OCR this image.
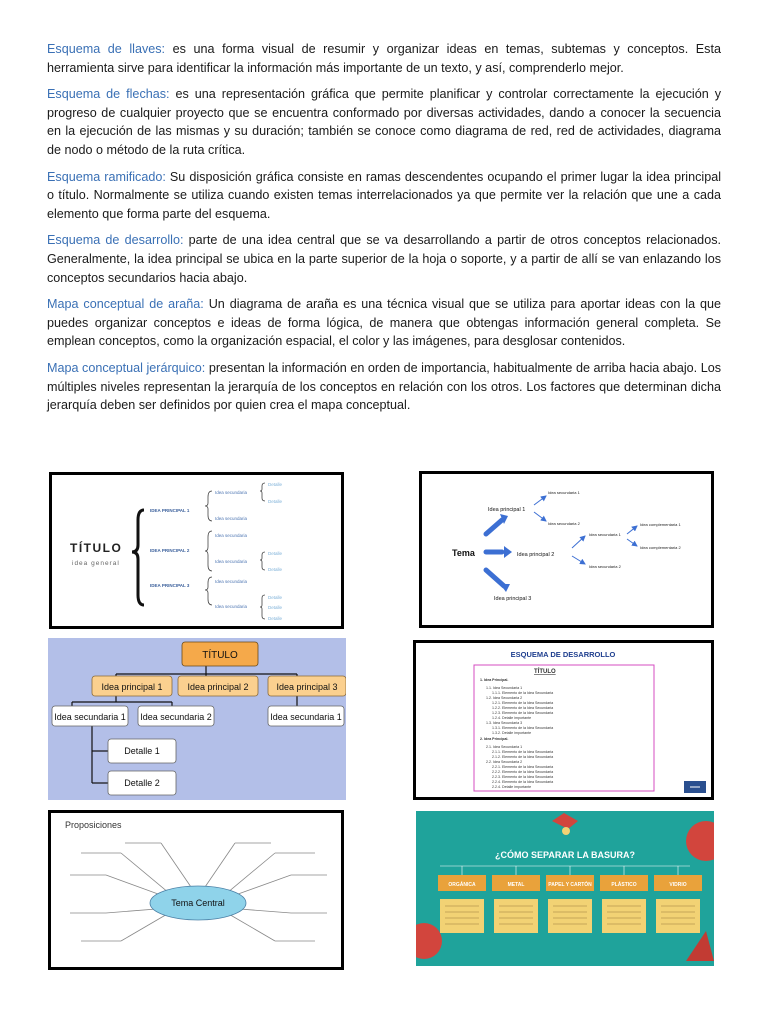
Esquema de llaves: es una forma visual de resumir y organizar ideas en temas, subtemas y conceptos. Esta herramienta sirve para identificar la información más importante de un texto, y así, comprenderlo mejor.

Esquema de flechas: es una representación gráfica que permite planificar y controlar correctamente la ejecución y progreso de cualquier proyecto que se encuentra conformado por diversas actividades, dando a conocer la secuencia en la ejecución de las mismas y su duración; también se conoce como diagrama de red, red de actividades, diagrama de nodo o método de la ruta crítica.

Esquema ramificado: Su disposición gráfica consiste en ramas descendentes ocupando el primer lugar la idea principal o título. Normalmente se utiliza cuando existen temas interrelacionados ya que permite ver la relación que une a cada elemento que forma parte del esquema.

Esquema de desarrollo: parte de una idea central que se va desarrollando a partir de otros conceptos relacionados. Generalmente, la idea principal se ubica en la parte superior de la hoja o soporte, y a partir de allí se van enlazando los conceptos secundarios hacia abajo.

Mapa conceptual de araña: Un diagrama de araña es una técnica visual que se utiliza para aportar ideas con la que puedes organizar conceptos e ideas de forma lógica, de manera que obtengas información general completa. Se emplean conceptos, como la organización espacial, el color y las imágenes, para desglosar contenidos.

Mapa conceptual jerárquico: presentan la información en orden de importancia, habitualmente de arriba hacia abajo. Los múltiples niveles representan la jerarquía de los conceptos en relación con los otros. Los factores que determinan dicha jerarquía deben ser definidos por quien crea el mapa conceptual.

TÍTULO
idea general
IDEA PRINCIPAL 1
IDEA PRINCIPAL 2
IDEA PRINCIPAL 3
Idea secundaria
Idea secundaria
Idea secundaria
Idea secundaria
Idea secundaria
Idea secundaria
Detalle
Detalle
Detalle
Detalle
Detalle
Detalle
Detalle
Tema
Idea principal 1
Idea principal 2
Idea principal 3
Idea secundaria 1
Idea secundaria 2
Idea secundaria 1
Idea secundaria 2
Idea complementaria 1
Idea complementaria 2
TÍTULO
Idea principal 1	Idea principal 2	Idea principal 3
Idea secundaria 1 Idea secundaria 2	Idea secundaria 1
Detalle 1
Detalle 2
ESQUEMA DE DESARROLLO
TÍTULO
1. Idea Principal.
1.1. Idea Secundaria 1
1.1.1. Elemento de la Idea Secundaria
1.2. Idea Secundaria 2
1.2.1. Elemento de la Idea Secundaria
1.2.2. Elemento de la Idea Secundaria
1.2.3. Elemento de la Idea Secundaria
1.2.4. Detalle importante
1.3. Idea Secundaria 3
1.3.1. Elemento de la Idea Secundaria
1.3.2. Detalle importante
2. Idea Principal.
2.1. Idea Secundaria 1
2.1.1. Elemento de la Idea Secundaria
2.1.2. Elemento de la Idea Secundaria
2.2. Idea Secundaria 2
2.2.1. Elemento de la Idea Secundaria
2.2.2. Elemento de la Idea Secundaria
2.2.3. Elemento de la Idea Secundaria
2.2.4. Elemento de la Idea Secundaria
2.2.4. Detalle importante
Proposiciones
Tema Central
¿CÓMO SEPARAR LA BASURA?
ORGÁNICA	METAL	PAPEL Y CARTÓN	PLÁSTICO	VIDRIO
